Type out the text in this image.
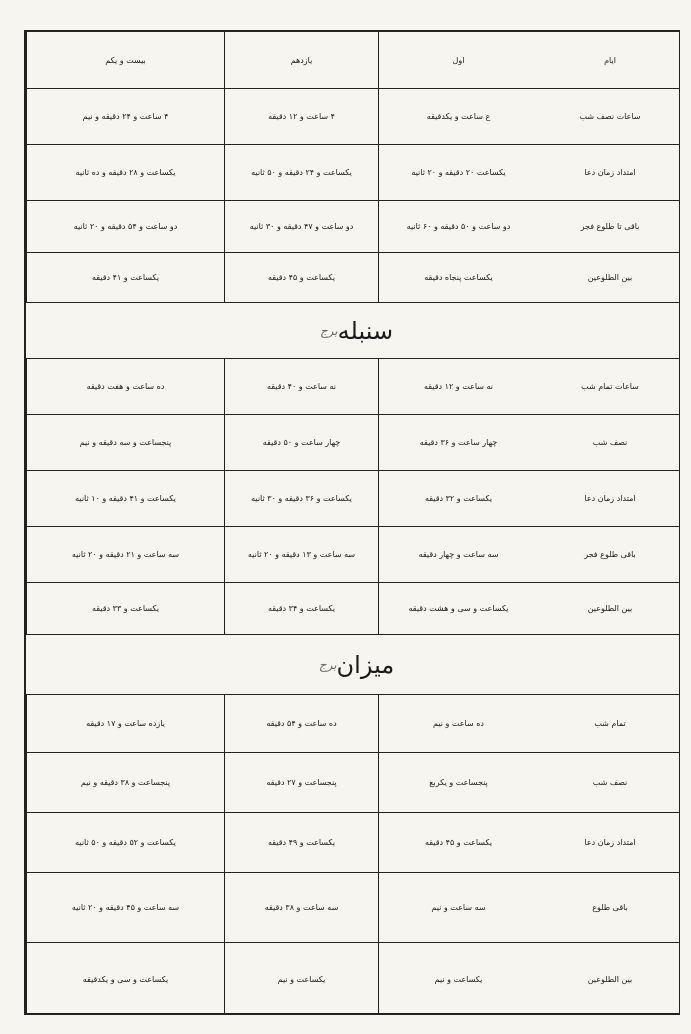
ایام
اول
یازدهم
بیست و یکم
ساعات نصف شب
ع ساعت و یکدقیقه
۴ ساعت و ۱۲ دقیقه
۴ ساعت و ۲۴ دقیقه و نیم
امتداد زمان دعا
یکساعت ۲۰ دقیقه و ۲۰ ثانیه
یکساعت و ۲۴ دقیقه و ۵۰ ثانیه
یکساعت و ۲۸ دقیقه و ده ثانیه
باقی تا طلوع فجر
دو ساعت و ۵۰ دقیقه و ۶۰ ثانیه
دو ساعت و ۴۷ دقیقه و ۳۰ ثانیه
دو ساعت و ۵۴ دقیقه و ۲۰ ثانیه
بین الطلوعین
یکساعت پنجاه دقیقه
یکساعت و ۴۵ دقیقه
یکساعت و ۴۱ دقیقه
سنبله
برج
ساعات تمام شب
نه ساعت و ۱۲ دقیقه
نه ساعت و ۴۰ دقیقه
ده ساعت و هفت دقیقه
نصف شب
چهار ساعت و ۳۶ دقیقه
چهار ساعت و ۵۰ دقیقه
پنجساعت و سه دقیقه و نیم
امتداد زمان دعا
یکساعت و ۳۲ دقیقه
یکساعت و ۳۶ دقیقه و ۳۰ ثانیه
یکساعت و ۴۱ دقیقه و ۱۰ ثانیه
باقی طلوع فجر
سه ساعت و چهار دقیقه
سه ساعت و ۱۳ دقیقه و ۲۰ ثانیه
سه ساعت و ۲۱ دقیقه و ۲۰ ثانیه
بین الطلوعین
یکساعت و سی و هشت دقیقه
یکساعت و ۳۴ دقیقه
یکساعت و ۳۳ دقیقه
میزان
برج
تمام شب
ده ساعت و نیم
ده ساعت و ۵۴ دقیقه
یازده ساعت و ۱۷ دقیقه
نصف شب
پنجساعت و یکربع
پنجساعت و ۲۷ دقیقه
پنجساعت و ۳۸ دقیقه و نیم
امتداد زمان دعا
یکساعت و ۴۵ دقیقه
یکساعت و ۴۹ دقیقه
یکساعت و ۵۲ دقیقه و ۵۰ ثانیه
باقی طلوع
سه ساعت و نیم
سه ساعت و ۳۸ دقیقه
سه ساعت و ۴۵ دقیقه و ۲۰ ثانیه
بین الطلوعین
یکساعت و نیم
یکساعت و نیم
یکساعت و سی و یکدقیقه
